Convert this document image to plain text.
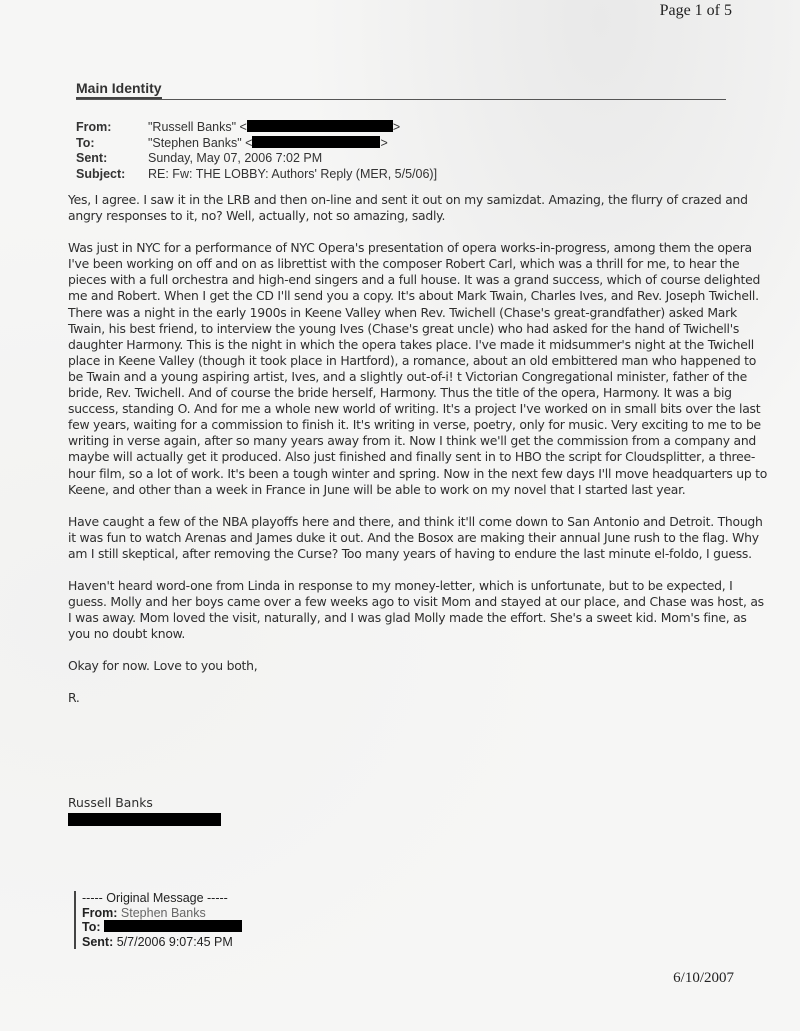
Page 1 of 5
Main Identity
From:	"Russell Banks" <	>
To:	"Stephen Banks" <	>
Sent:	Sunday, May 07, 2006 7:02 PM
Subject:	RE: Fw: THE LOBBY: Authors' Reply (MER, 5/5/06)]

Yes, I agree. I saw it in the LRB and then on-line and sent it out on my samizdat. Amazing, the flurry of crazed and angry responses to it, no? Well, actually, not so amazing, sadly.

Was just in NYC for a performance of NYC Opera's presentation of opera works-in-progress, among them the opera I've been working on off and on as librettist with the composer Robert Carl, which was a thrill for me, to hear the pieces with a full orchestra and high-end singers and a full house. It was a grand success, which of course delighted me and Robert. When I get the CD I'll send you a copy. It's about Mark Twain, Charles Ives, and Rev. Joseph Twichell. There was a night in the early 1900s in Keene Valley when Rev. Twichell (Chase's great-grandfather) asked Mark Twain, his best friend, to interview the young Ives (Chase's great uncle) who had asked for the hand of Twichell's daughter Harmony. This is the night in which the opera takes place. I've made it midsummer's night at the Twichell place in Keene Valley (though it took place in Hartford), a romance, about an old embittered man who happened to be Twain and a young aspiring artist, Ives, and a slightly out-of-i! t Victorian Congregational minister, father of the bride, Rev. Twichell. And of course the bride herself, Harmony. Thus the title of the opera, Harmony. It was a big success, standing O. And for me a whole new world of writing. It's a project I've worked on in small bits over the last few years, waiting for a commission to finish it. It's writing in verse, poetry, only for music. Very exciting to me to be writing in verse again, after so many years away from it. Now I think we'll get the commission from a company and maybe will actually get it produced. Also just finished and finally sent in to HBO the script for Cloudsplitter, a three-hour film, so a lot of work. It's been a tough winter and spring. Now in the next few days I'll move headquarters up to Keene, and other than a week in France in June will be able to work on my novel that I started last year.

Have caught a few of the NBA playoffs here and there, and think it'll come down to San Antonio and Detroit. Though it was fun to watch Arenas and James duke it out. And the Bosox are making their annual June rush to the flag. Why am I still skeptical, after removing the Curse? Too many years of having to endure the last minute el-foldo, I guess.

Haven't heard word-one from Linda in response to my money-letter, which is unfortunate, but to be expected, I guess. Molly and her boys came over a few weeks ago to visit Mom and stayed at our place, and Chase was host, as I was away. Mom loved the visit, naturally, and I was glad Molly made the effort. She's a sweet kid. Mom's fine, as you no doubt know.

Okay for now. Love to you both,

R.

Russell Banks
----- Original Message -----
From: Stephen Banks
To:
Sent: 5/7/2006 9:07:45 PM
6/10/2007
